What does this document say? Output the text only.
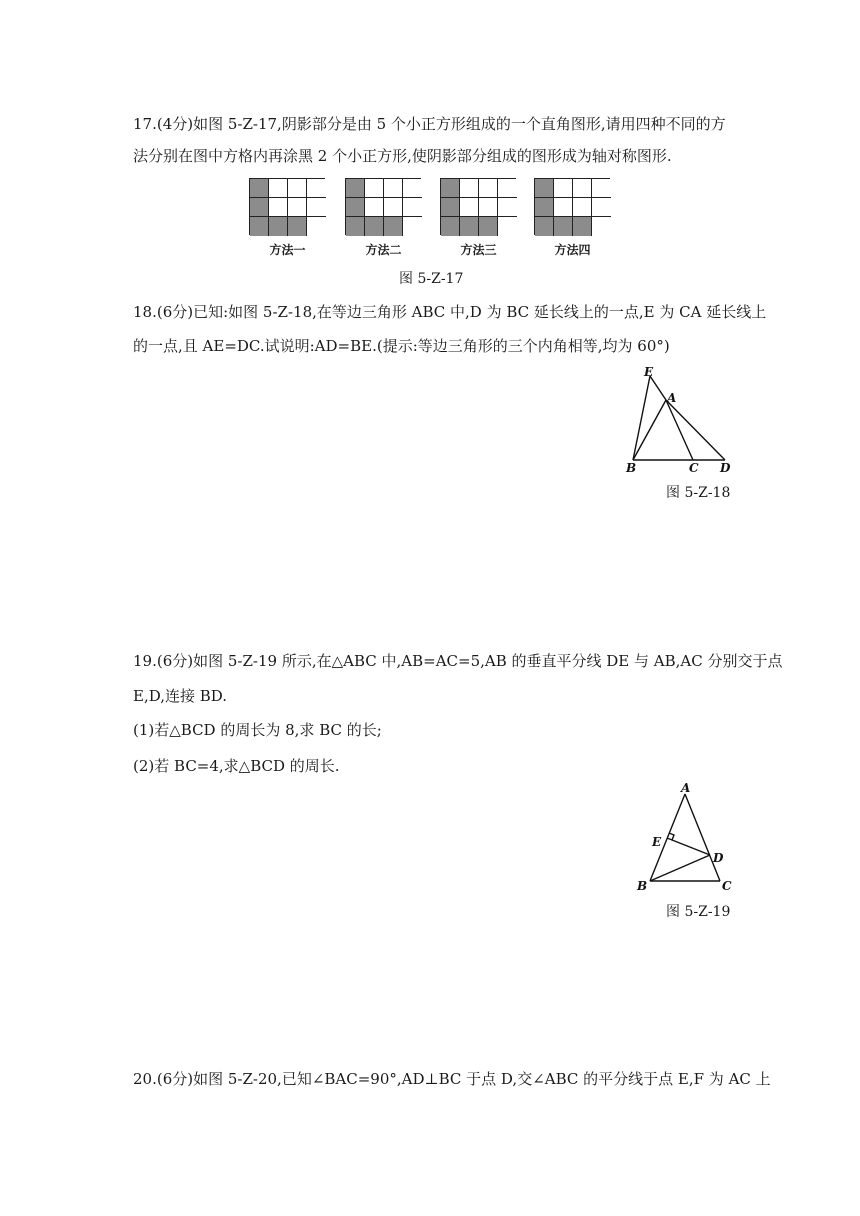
17.(4分)如图 5-Z-17,阴影部分是由 5 个小正方形组成的一个直角图形,请用四种不同的方
法分别在图中方格内再涂黑 2 个小正方形,使阴影部分组成的图形成为轴对称图形.
方法一	方法二	方法三	方法四
图 5-Z-17
18.(6分)已知:如图 5-Z-18,在等边三角形 ABC 中,D 为 BC 延长线上的一点,E 为 CA 延长线上
的一点,且 AE=DC.试说明:AD=BE.(提示:等边三角形的三个内角相等,均为 60°)
E
A
B	C D
图 5-Z-18
19.(6分)如图 5-Z-19 所示,在△ABC 中,AB=AC=5,AB 的垂直平分线 DE 与 AB,AC 分别交于点
E,D,连接 BD.
(1)若△BCD 的周长为 8,求 BC 的长;
(2)若 BC=4,求△BCD 的周长.
A
E
D
B	C
图 5-Z-19
20.(6分)如图 5-Z-20,已知∠BAC=90°,AD⊥BC 于点 D,交∠ABC 的平分线于点 E,F 为 AC 上
